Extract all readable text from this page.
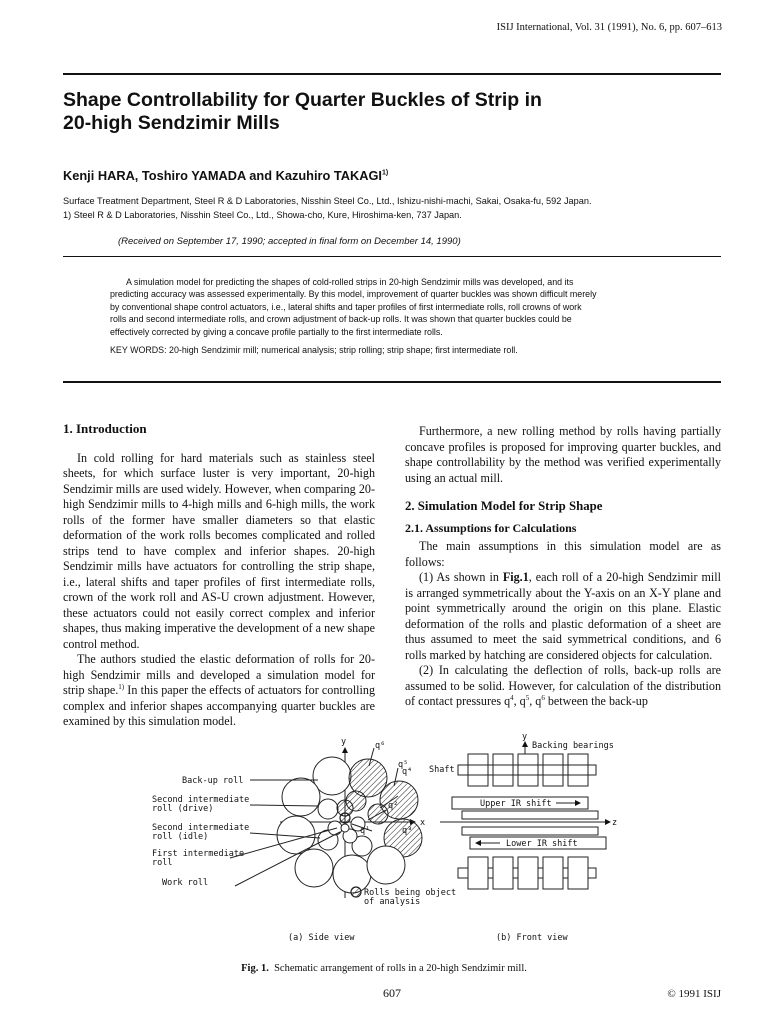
ISIJ International, Vol. 31 (1991), No. 6, pp. 607–613
Shape Controllability for Quarter Buckles of Strip in
20-high Sendzimir Mills
Kenji HARA, Toshiro YAMADA and Kazuhiro TAKAGI$^{1)}$
Surface Treatment Department, Steel R & D Laboratories, Nisshin Steel Co., Ltd., Ishizu-nishi-machi, Sakai, Osaka-fu, 592 Japan.
1) Steel R & D Laboratories, Nisshin Steel Co., Ltd., Showa-cho, Kure, Hiroshima-ken, 737 Japan.
(Received on September 17, 1990; accepted in final form on December 14, 1990)
A simulation model for predicting the shapes of cold-rolled strips in 20-high Sendzimir mills was developed, and its
predicting accuracy was assessed experimentally. By this model, improvement of quarter buckles was shown difficult merely
by conventional shape control actuators, i.e., lateral shifts and taper profiles of first intermediate rolls, roll crowns of work
rolls and second intermediate rolls, and crown adjustment of back-up rolls. It was shown that quarter buckles could be
effectively corrected by giving a concave profile partially to the first intermediate rolls.
KEY WORDS: 20-high Sendzimir mill; numerical analysis; strip rolling; strip shape; first intermediate roll.
1. Introduction

In cold rolling for hard materials such as stainless steel sheets, for which surface luster is very important, 20-high Sendzimir mills are used widely. However, when comparing 20-high Sendzimir mills to 4-high mills and 6-high mills, the work rolls of the former have smaller diameters so that elastic deformation of the work rolls becomes complicated and rolled strips tend to have complex and inferior shapes. 20-high Sendzimir mills have actuators for controlling the strip shape, i.e., lateral shifts and taper profiles of first intermediate rolls, crown of the work roll and AS-U crown adjustment. However, these actuators could not easily correct complex and inferior shapes, thus making imperative the development of a new shape control method.

The authors studied the elastic deformation of rolls for 20-high Sendzimir mills and developed a simulation model for strip shape.$^{1)}$ In this paper the effects of actuators for controlling complex and inferior shapes accompanying quarter buckles are examined by this simulation model.

Furthermore, a new rolling method by rolls having partially concave profiles is proposed for improving quarter buckles, and shape controllability by the method was verified experimentally using an actual mill.

2. Simulation Model for Strip Shape
2.1. Assumptions for Calculations

The main assumptions in this simulation model are as follows:

(1) As shown in Fig.1, each roll of a 20-high Sendzimir mill is arranged symmetrically about the Y-axis on an X-Y plane and point symmetrically around the origin on this plane. Elastic deformation of the rolls and plastic deformation of a sheet are thus assumed to meet the said symmetrical conditions, and 6 rolls marked by hatching are considered objects for calculation.

(2) In calculating the deflection of rolls, back-up rolls are assumed to be solid. However, for calculation of the distribution of contact pressures $q^4$, $q^5$, $q^6$ between the back-up

Back-up roll
Second intermediate
roll (drive)
Second intermediate
roll (idle)
First intermediate
roll
Work roll
y
x
q⁶
q⁵
q⁴
q²
q¹	q³
Rolls being object
of analysis
(a) Side view
y
Backing bearings
Shaft
Upper IR shift
Lower IR shift
z
(b) Front view
Fig. 1. Schematic arrangement of rolls in a 20-high Sendzimir mill.
607	© 1991 ISIJ
